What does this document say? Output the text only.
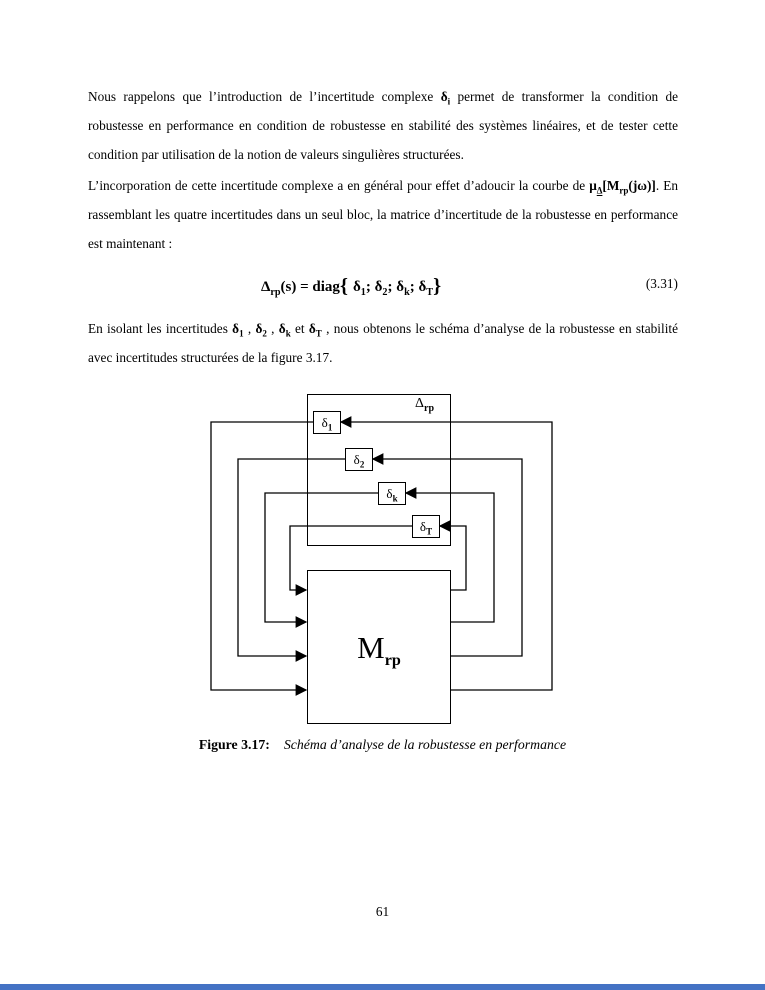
Nous rappelons que l’introduction de l’incertitude complexe $\delta_i$ permet de transformer la condition de robustesse en performance en condition de robustesse en stabilité des systèmes linéaires, et de tester cette condition par utilisation de la notion de valeurs singulières structurées.

L’incorporation de cette incertitude complexe a en général pour effet d’adoucir la courbe de $\mu_\Delta[M_{rp}(j\omega)]$. En rassemblant les quatre incertitudes dans un seul bloc, la matrice d’incertitude de la robustesse en performance est maintenant :

$\Delta_{rp}(s)$ = diag{ $\delta_1$; $\delta_2$; $\delta_k$; $\delta_T$}	(3.31)

En isolant les incertitudes $\delta_1$ , $\delta_2$ , $\delta_k$ et $\delta_T$ , nous obtenons le schéma d’analyse de la robustesse en stabilité avec incertitudes structurées de la figure 3.17.

$\Delta_{rp}$
$\delta_1$
$\delta_2$
$\delta_k$
$\delta_T$
$M_{rp}$
Figure 3.17: Schéma d’analyse de la robustesse en performance
61
